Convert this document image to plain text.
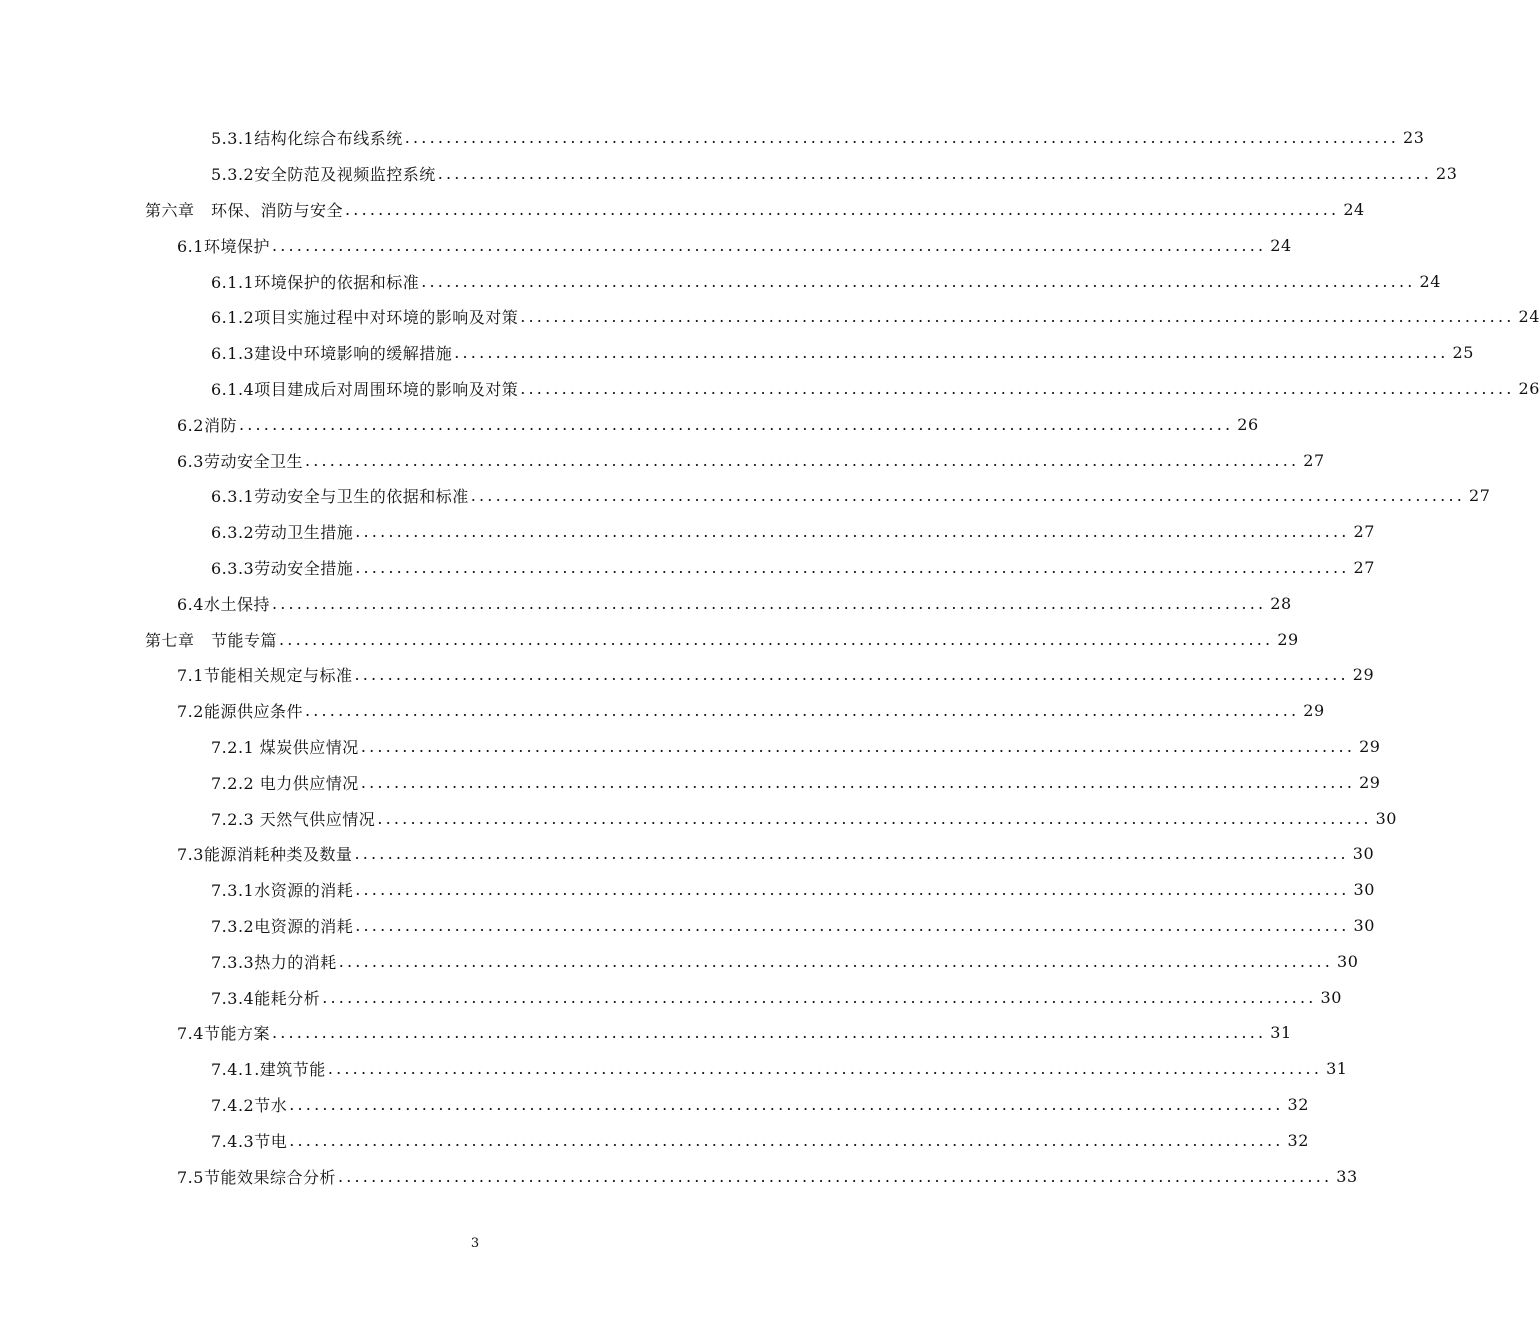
5.3.1结构化综合布线系统 ........................................................................................................................ 23
5.3.2安全防范及视频监控系统 ........................................................................................................................ 23
第六章　环保、消防与安全 ........................................................................................................................ 24
6.1环境保护 ........................................................................................................................ 24
6.1.1环境保护的依据和标准 ........................................................................................................................ 24
6.1.2项目实施过程中对环境的影响及对策 ........................................................................................................................ 24
6.1.3建设中环境影响的缓解措施 ........................................................................................................................ 25
6.1.4项目建成后对周围环境的影响及对策 ........................................................................................................................ 26
6.2消防 ........................................................................................................................ 26
6.3劳动安全卫生 ........................................................................................................................ 27
6.3.1劳动安全与卫生的依据和标准 ........................................................................................................................ 27
6.3.2劳动卫生措施 ........................................................................................................................ 27
6.3.3劳动安全措施 ........................................................................................................................ 27
6.4水土保持 ........................................................................................................................ 28
第七章　节能专篇 ........................................................................................................................ 29
7.1节能相关规定与标准 ........................................................................................................................ 29
7.2能源供应条件 ........................................................................................................................ 29
7.2.1 煤炭供应情况 ........................................................................................................................ 29
7.2.2 电力供应情况 ........................................................................................................................ 29
7.2.3 天然气供应情况 ........................................................................................................................ 30
7.3能源消耗种类及数量 ........................................................................................................................ 30
7.3.1水资源的消耗 ........................................................................................................................ 30
7.3.2电资源的消耗 ........................................................................................................................ 30
7.3.3热力的消耗 ........................................................................................................................ 30
7.3.4能耗分析 ........................................................................................................................ 30
7.4节能方案 ........................................................................................................................ 31
7.4.1.建筑节能 ........................................................................................................................ 31
7.4.2节水 ........................................................................................................................ 32
7.4.3节电 ........................................................................................................................ 32
7.5节能效果综合分析 ........................................................................................................................ 33
3
